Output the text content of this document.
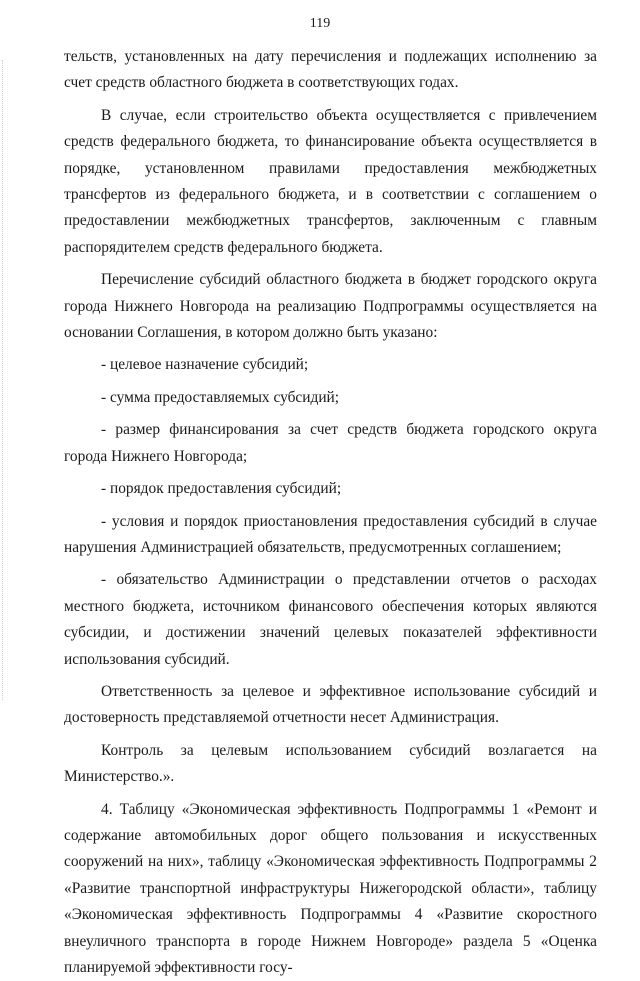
119

тельств, установленных на дату перечисления и подлежащих исполнению за счет средств областного бюджета в соответствующих годах.

В случае, если строительство объекта осуществляется с привлечением средств федерального бюджета, то финансирование объекта осуществляется в порядке, установленном правилами предоставления межбюджетных трансфертов из федерального бюджета, и в соответствии с соглашением о предоставлении межбюджетных трансфертов, заключенным с главным распорядителем средств федерального бюджета.

Перечисление субсидий областного бюджета в бюджет городского округа города Нижнего Новгорода на реализацию Подпрограммы осуществляется на основании Соглашения, в котором должно быть указано:

- целевое назначение субсидий;

- сумма предоставляемых субсидий;

- размер финансирования за счет средств бюджета городского округа города Нижнего Новгорода;

- порядок предоставления субсидий;

- условия и порядок приостановления предоставления субсидий в случае нарушения Администрацией обязательств, предусмотренных соглашением;

- обязательство Администрации о представлении отчетов о расходах местного бюджета, источником финансового обеспечения которых являются субсидии, и достижении значений целевых показателей эффективности использования субсидий.

Ответственность за целевое и эффективное использование субсидий и достоверность представляемой отчетности несет Администрация.

Контроль за целевым использованием субсидий возлагается на Министерство.».

4. Таблицу «Экономическая эффективность Подпрограммы 1 «Ремонт и содержание автомобильных дорог общего пользования и искусственных сооружений на них», таблицу «Экономическая эффективность Подпрограммы 2 «Развитие транспортной инфраструктуры Нижегородской области», таблицу «Экономическая эффективность Подпрограммы 4 «Развитие скоростного внеуличного транспорта в городе Нижнем Новгороде» раздела 5 «Оценка планируемой эффективности госу-
